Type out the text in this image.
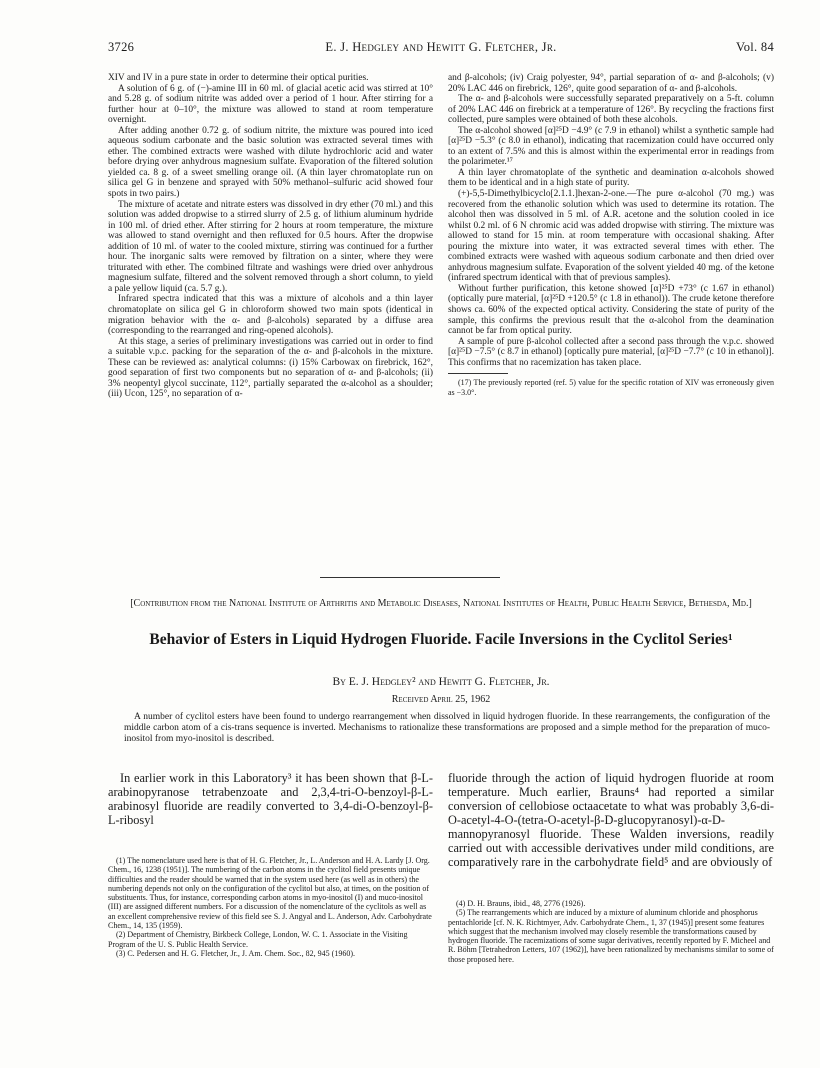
3726	E. J. Hedgley and Hewitt G. Fletcher, Jr.	Vol. 84

XIV and IV in a pure state in order to determine their optical purities.

A solution of 6 g. of (−)-amine III in 60 ml. of glacial acetic acid was stirred at 10° and 5.28 g. of sodium nitrite was added over a period of 1 hour. After stirring for a further hour at 0–10°, the mixture was allowed to stand at room temperature overnight.

After adding another 0.72 g. of sodium nitrite, the mixture was poured into iced aqueous sodium carbonate and the basic solution was extracted several times with ether. The combined extracts were washed with dilute hydrochloric acid and water before drying over anhydrous magnesium sulfate. Evaporation of the filtered solution yielded ca. 8 g. of a sweet smelling orange oil. (A thin layer chromatoplate run on silica gel G in benzene and sprayed with 50% methanol–sulfuric acid showed four spots in two pairs.)

The mixture of acetate and nitrate esters was dissolved in dry ether (70 ml.) and this solution was added dropwise to a stirred slurry of 2.5 g. of lithium aluminum hydride in 100 ml. of dried ether. After stirring for 2 hours at room temperature, the mixture was allowed to stand overnight and then refluxed for 0.5 hours. After the dropwise addition of 10 ml. of water to the cooled mixture, stirring was continued for a further hour. The inorganic salts were removed by filtration on a sinter, where they were triturated with ether. The combined filtrate and washings were dried over anhydrous magnesium sulfate, filtered and the solvent removed through a short column, to yield a pale yellow liquid (ca. 5.7 g.).

Infrared spectra indicated that this was a mixture of alcohols and a thin layer chromatoplate on silica gel G in chloroform showed two main spots (identical in migration behavior with the α- and β-alcohols) separated by a diffuse area (corresponding to the rearranged and ring-opened alcohols).

At this stage, a series of preliminary investigations was carried out in order to find a suitable v.p.c. packing for the separation of the α- and β-alcohols in the mixture. These can be reviewed as: analytical columns: (i) 15% Carbowax on firebrick, 162°, good separation of first two components but no separation of α- and β-alcohols; (ii) 3% neopentyl glycol succinate, 112°, partially separated the α-alcohol as a shoulder; (iii) Ucon, 125°, no separation of α-

and β-alcohols; (iv) Craig polyester, 94°, partial separation of α- and β-alcohols; (v) 20% LAC 446 on firebrick, 126°, quite good separation of α- and β-alcohols.

The α- and β-alcohols were successfully separated preparatively on a 5-ft. column of 20% LAC 446 on firebrick at a temperature of 126°. By recycling the fractions first collected, pure samples were obtained of both these alcohols.

The α-alcohol showed [α]²⁵D −4.9° (c 7.9 in ethanol) whilst a synthetic sample had [α]²⁵D −5.3° (c 8.0 in ethanol), indicating that racemization could have occurred only to an extent of 7.5% and this is almost within the experimental error in readings from the polarimeter.¹⁷

A thin layer chromatoplate of the synthetic and deamination α-alcohols showed them to be identical and in a high state of purity.

(+)-5,5-Dimethylbicyclo[2.1.1.]hexan-2-one.—The pure α-alcohol (70 mg.) was recovered from the ethanolic solution which was used to determine its rotation. The alcohol then was dissolved in 5 ml. of A.R. acetone and the solution cooled in ice whilst 0.2 ml. of 6 N chromic acid was added dropwise with stirring. The mixture was allowed to stand for 15 min. at room temperature with occasional shaking. After pouring the mixture into water, it was extracted several times with ether. The combined extracts were washed with aqueous sodium carbonate and then dried over anhydrous magnesium sulfate. Evaporation of the solvent yielded 40 mg. of the ketone (infrared spectrum identical with that of previous samples).

Without further purification, this ketone showed [α]²⁵D +73° (c 1.67 in ethanol) (optically pure material, [α]²⁵D +120.5° (c 1.8 in ethanol)). The crude ketone therefore shows ca. 60% of the expected optical activity. Considering the state of purity of the sample, this confirms the previous result that the α-alcohol from the deamination cannot be far from optical purity.

A sample of pure β-alcohol collected after a second pass through the v.p.c. showed [α]²⁵D −7.5° (c 8.7 in ethanol) [optically pure material, [α]²⁵D −7.7° (c 10 in ethanol)]. This confirms that no racemization has taken place.

(17) The previously reported (ref. 5) value for the specific rotation of XIV was erroneously given as −3.0°.

[Contribution from the National Institute of Arthritis and Metabolic Diseases, National Institutes of Health, Public Health Service, Bethesda, Md.]
Behavior of Esters in Liquid Hydrogen Fluoride. Facile Inversions in the Cyclitol Series¹
By E. J. Hedgley² and Hewitt G. Fletcher, Jr.
Received April 25, 1962

A number of cyclitol esters have been found to undergo rearrangement when dissolved in liquid hydrogen fluoride. In these rearrangements, the configuration of the middle carbon atom of a cis-trans sequence is inverted. Mechanisms to rationalize these transformations are proposed and a simple method for the preparation of muco-inositol from myo-inositol is described.

In earlier work in this Laboratory³ it has been shown that β-L-arabinopyranose tetrabenzoate and 2,3,4-tri-O-benzoyl-β-L-arabinosyl fluoride are readily converted to 3,4-di-O-benzoyl-β-L-ribosyl

fluoride through the action of liquid hydrogen fluoride at room temperature. Much earlier, Brauns⁴ had reported a similar conversion of cellobiose octaacetate to what was probably 3,6-di-O-acetyl-4-O-(tetra-O-acetyl-β-D-glucopyranosyl)-α-D-mannopyranosyl fluoride. These Walden inversions, readily carried out with accessible derivatives under mild conditions, are comparatively rare in the carbohydrate field⁵ and are obviously of

(1) The nomenclature used here is that of H. G. Fletcher, Jr., L. Anderson and H. A. Lardy [J. Org. Chem., 16, 1238 (1951)]. The numbering of the carbon atoms in the cyclitol field presents unique difficulties and the reader should be warned that in the system used here (as well as in others) the numbering depends not only on the configuration of the cyclitol but also, at times, on the position of substituents. Thus, for instance, corresponding carbon atoms in myo-inositol (I) and muco-inositol (III) are assigned different numbers. For a discussion of the nomenclature of the cyclitols as well as an excellent comprehensive review of this field see S. J. Angyal and L. Anderson, Adv. Carbohydrate Chem., 14, 135 (1959).

(2) Department of Chemistry, Birkbeck College, London, W. C. 1. Associate in the Visiting Program of the U. S. Public Health Service.

(3) C. Pedersen and H. G. Fletcher, Jr., J. Am. Chem. Soc., 82, 945 (1960).

(4) D. H. Brauns, ibid., 48, 2776 (1926).

(5) The rearrangements which are induced by a mixture of aluminum chloride and phosphorus pentachloride [cf. N. K. Richtmyer, Adv. Carbohydrate Chem., 1, 37 (1945)] present some features which suggest that the mechanism involved may closely resemble the transformations caused by hydrogen fluoride. The racemizations of some sugar derivatives, recently reported by F. Micheel and R. Böhm [Tetrahedron Letters, 107 (1962)], have been rationalized by mechanisms similar to some of those proposed here.
